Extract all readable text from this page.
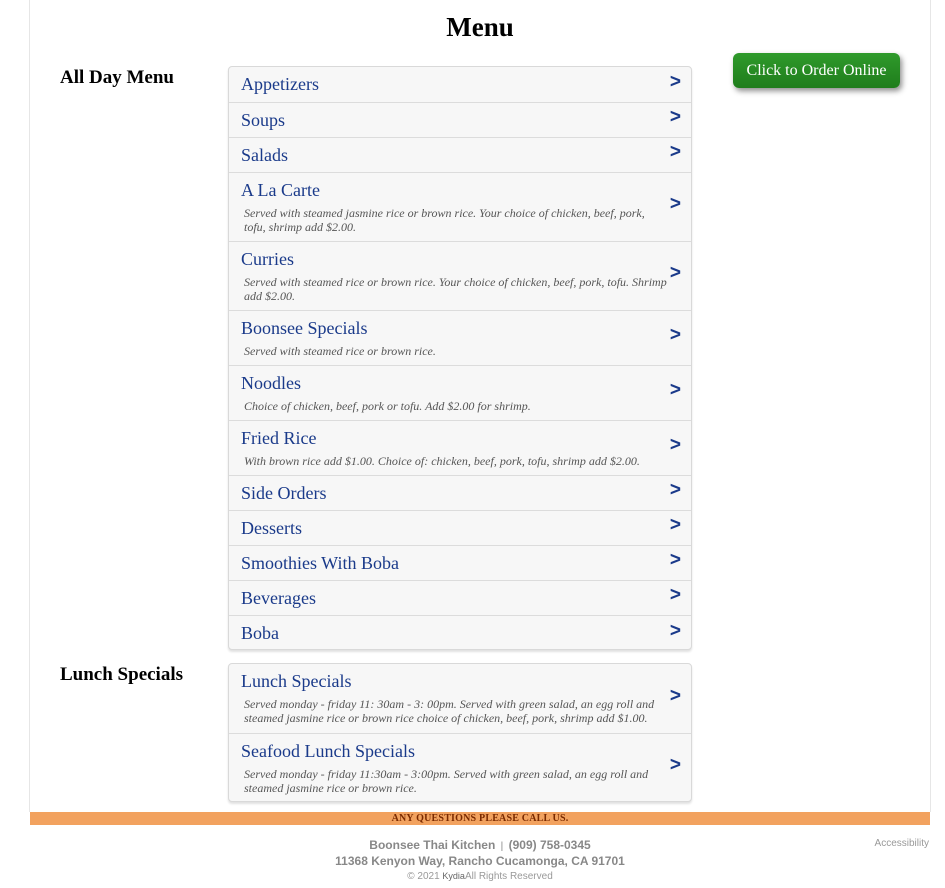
Menu
Click to Order Online
All Day Menu	Appetizers	>
Soups	>
Salads	>
A La Carte
Served with steamed jasmine rice or brown rice. Your choice of chicken, beef, pork, tofu, shrimp add $2.00.
>
Curries
Served with steamed rice or brown rice. Your choice of chicken, beef, pork, tofu. Shrimp add $2.00.
>
Boonsee Specials
Served with steamed rice or brown rice.
>
Noodles
Choice of chicken, beef, pork or tofu. Add $2.00 for shrimp.
>
Fried Rice
With brown rice add $1.00. Choice of: chicken, beef, pork, tofu, shrimp add $2.00.
>
Side Orders	>
Desserts	>
Smoothies With Boba	>
Beverages	>
Boba	>
Lunch Specials	Lunch Specials
Served monday - friday 11: 30am - 3: 00pm. Served with green salad, an egg roll and steamed jasmine rice or brown rice choice of chicken, beef, pork, shrimp add $1.00.
>
Seafood Lunch Specials
Served monday - friday 11:30am - 3:00pm. Served with green salad, an egg roll and steamed jasmine rice or brown rice.
>
ANY QUESTIONS PLEASE CALL US.
Boonsee Thai Kitchen | (909) 758-0345
11368 Kenyon Way, Rancho Cucamonga, CA 91701
© 2021 KydiaAll Rights Reserved
Accessibility
